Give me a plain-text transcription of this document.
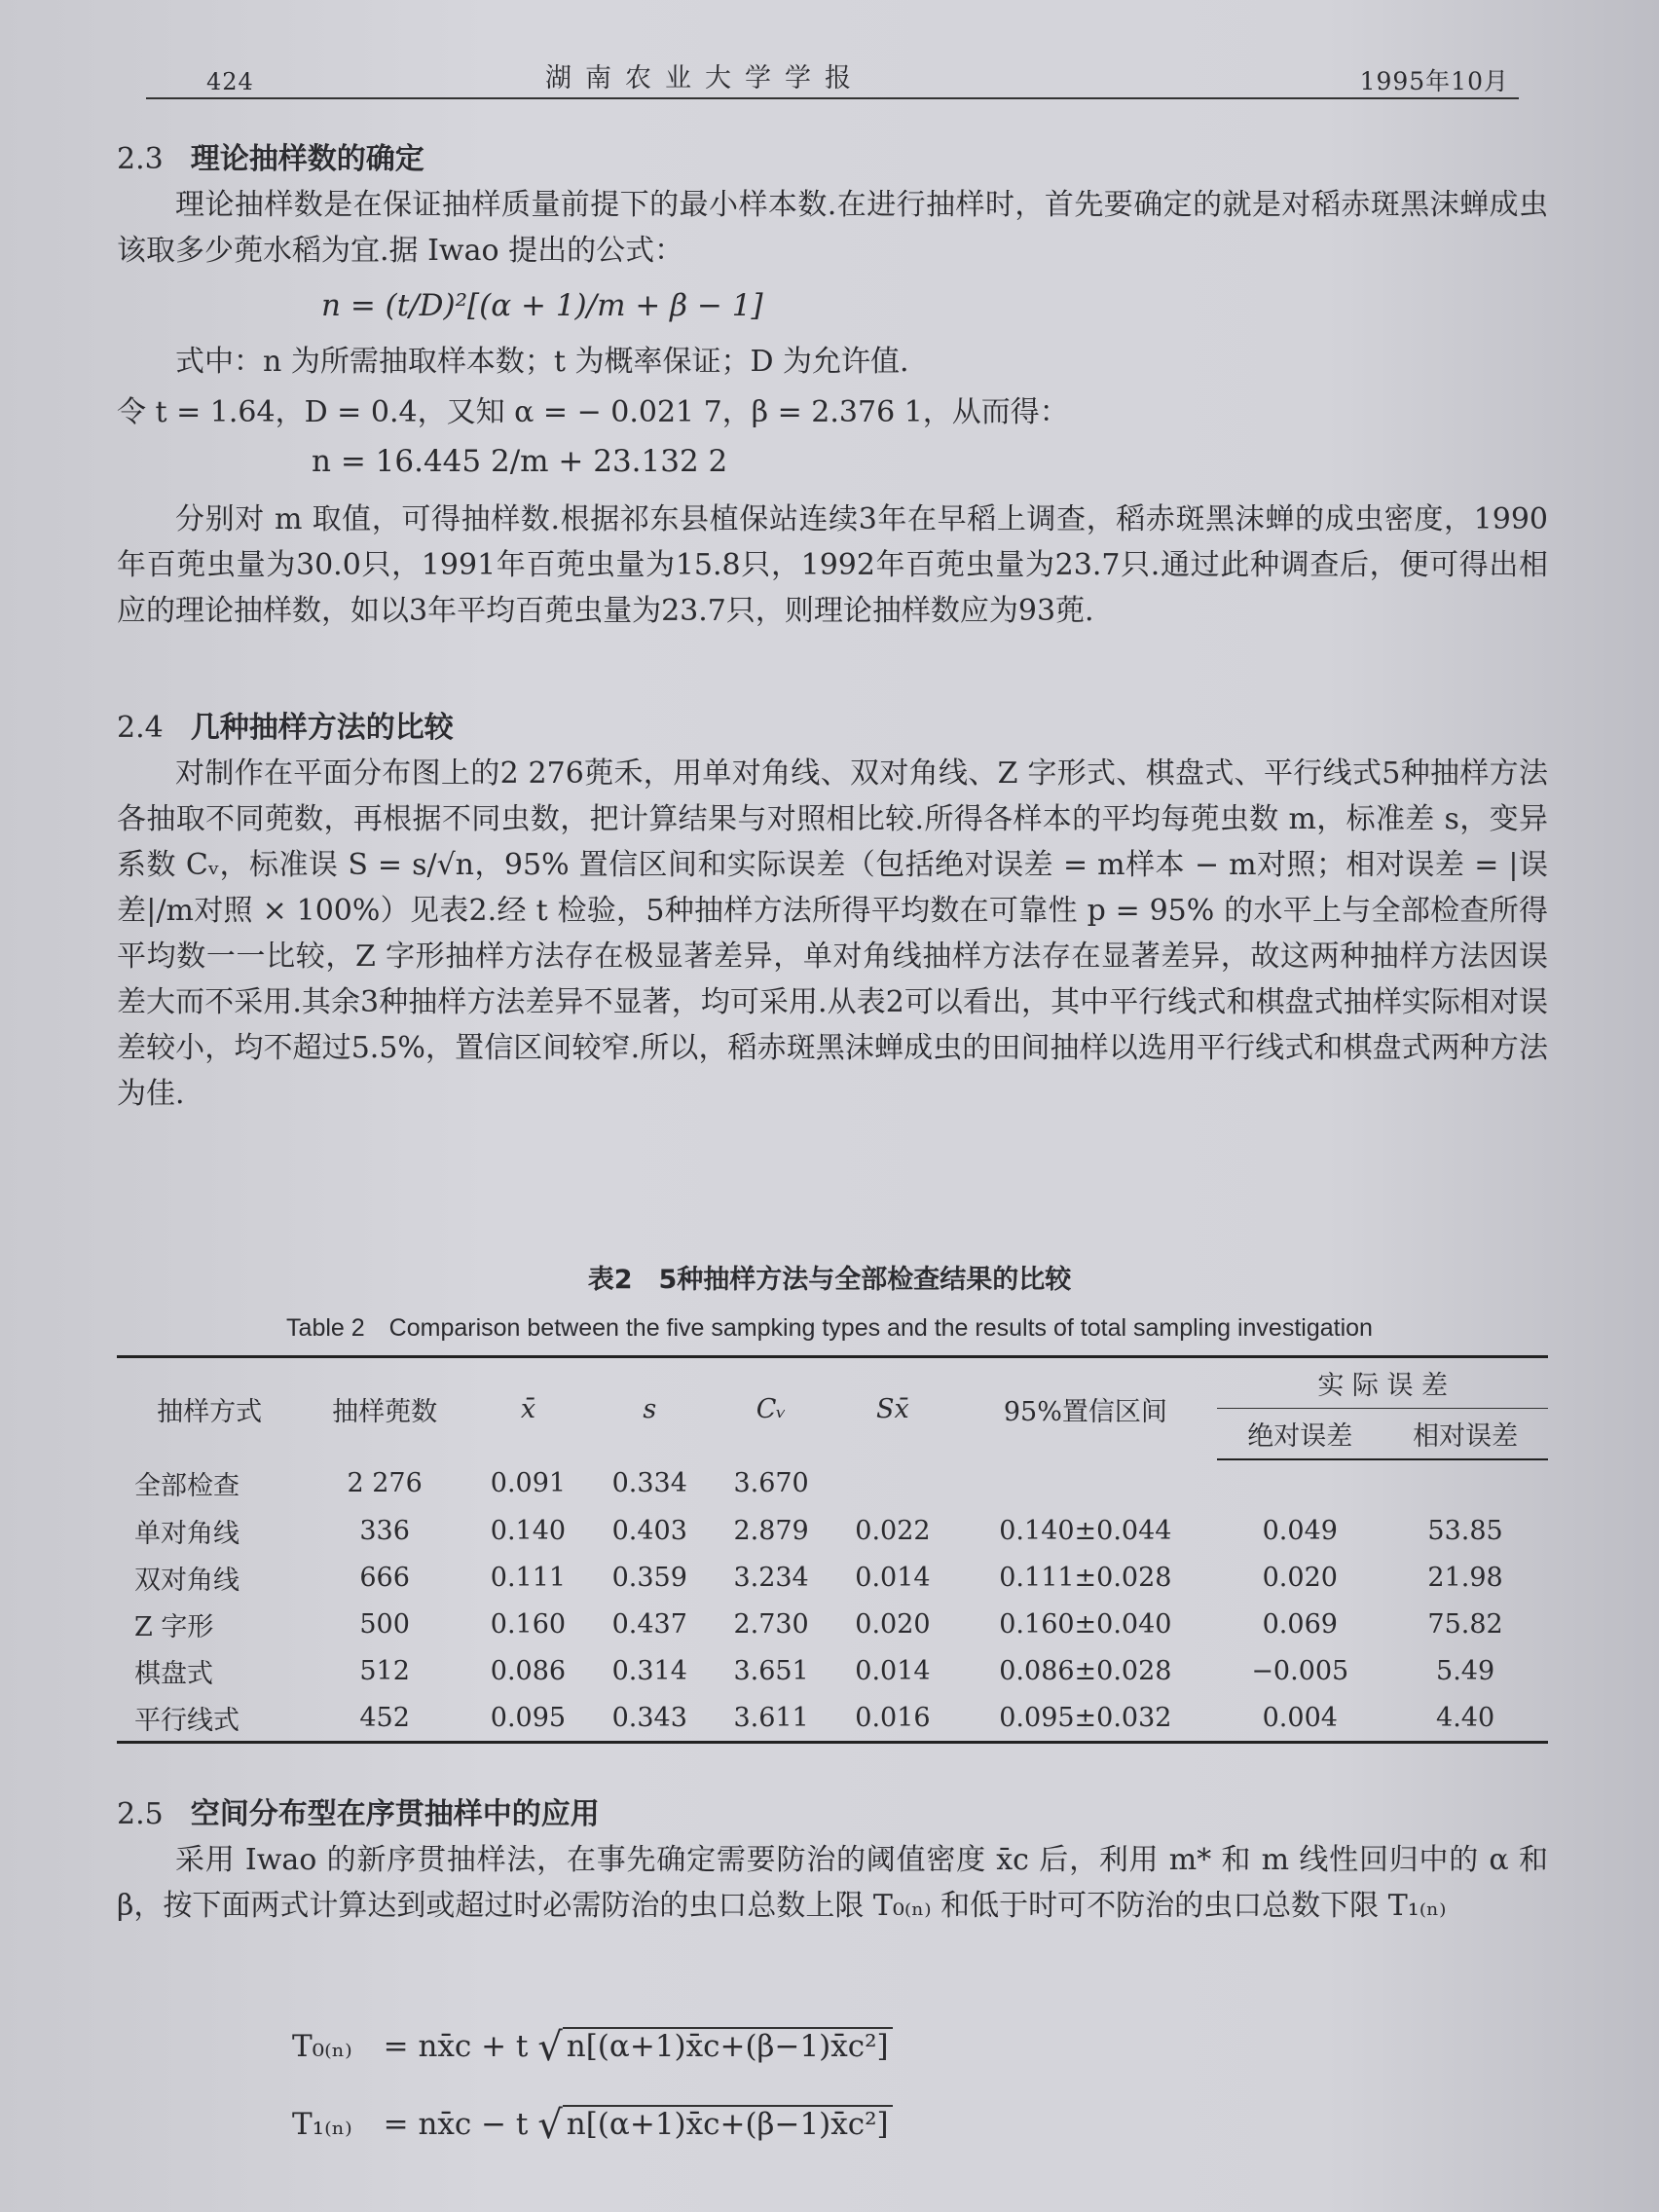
424	湖南农业大学学报	1995年10月
2.3 理论抽样数的确定
理论抽样数是在保证抽样质量前提下的最小样本数.在进行抽样时，首先要确定的就是对稻赤斑黑沫蝉成虫该取多少蔸水稻为宜.据 Iwao 提出的公式：
n = (t/D)²[(α + 1)/m + β − 1]
式中：n 为所需抽取样本数；t 为概率保证；D 为允许值.
令 t = 1.64，D = 0.4，又知 α = − 0.021 7，β = 2.376 1，从而得：
n = 16.445 2/m + 23.132 2
分别对 m 取值，可得抽样数.根据祁东县植保站连续3年在早稻上调查，稻赤斑黑沫蝉的成虫密度，1990年百蔸虫量为30.0只，1991年百蔸虫量为15.8只，1992年百蔸虫量为23.7只.通过此种调查后，便可得出相应的理论抽样数，如以3年平均百蔸虫量为23.7只，则理论抽样数应为93蔸.
2.4 几种抽样方法的比较
对制作在平面分布图上的2 276蔸禾，用单对角线、双对角线、Z 字形式、棋盘式、平行线式5种抽样方法各抽取不同蔸数，再根据不同虫数，把计算结果与对照相比较.所得各样本的平均每蔸虫数 m，标准差 s，变异系数 Cᵥ，标准误 S = s/√n，95% 置信区间和实际误差（包括绝对误差 = m样本 − m对照；相对误差 = |误差|/m对照 × 100%）见表2.经 t 检验，5种抽样方法所得平均数在可靠性 p = 95% 的水平上与全部检查所得平均数一一比较，Z 字形抽样方法存在极显著差异，单对角线抽样方法存在显著差异，故这两种抽样方法因误差大而不采用.其余3种抽样方法差异不显著，均可采用.从表2可以看出，其中平行线式和棋盘式抽样实际相对误差较小，均不超过5.5%，置信区间较窄.所以，稻赤斑黑沫蝉成虫的田间抽样以选用平行线式和棋盘式两种方法为佳.
表2　5种抽样方法与全部检查结果的比较
Table 2　Comparison between the five sampking types and the results of total sampling investigation
抽样方式	抽样蔸数	x̄	s	Cᵥ	Sx̄	95%置信区间	实 际 误 差	
							绝对误差	相对误差
全部检查	2 276	0.091	0.334	3.670				
单对角线	336	0.140	0.403	2.879	0.022	0.140±0.044	0.049	53.85
双对角线	666	0.111	0.359	3.234	0.014	0.111±0.028	0.020	21.98
Z 字形	500	0.160	0.437	2.730	0.020	0.160±0.040	0.069	75.82
棋盘式	512	0.086	0.314	3.651	0.014	0.086±0.028	−0.005	5.49
平行线式	452	0.095	0.343	3.611	0.016	0.095±0.032	0.004	4.40
2.5 空间分布型在序贯抽样中的应用
采用 Iwao 的新序贯抽样法，在事先确定需要防治的阈值密度 x̄c 后，利用 m* 和 m 线性回归中的 α 和 β，按下面两式计算达到或超过时必需防治的虫口总数上限 T₀₍ₙ₎ 和低于时可不防治的虫口总数下限 T₁₍ₙ₎
T₀₍ₙ₎ = nx̄c + t √ n[(α+1)x̄c+(β−1)x̄c²]
T₁₍ₙ₎ = nx̄c − t √ n[(α+1)x̄c+(β−1)x̄c²]
